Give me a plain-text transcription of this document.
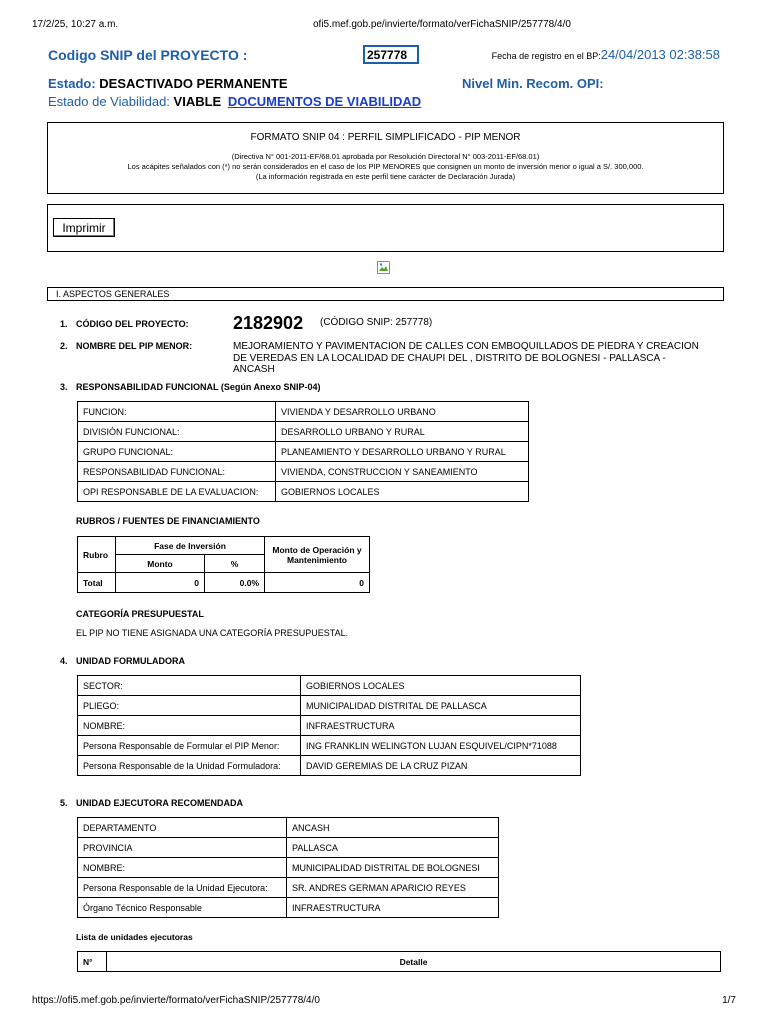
17/2/25, 10:27 a.m.	ofi5.mef.gob.pe/invierte/formato/verFichaSNIP/257778/4/0
Codigo SNIP del PROYECTO :	257778	Fecha de registro en el BP:24/04/2013 02:38:58
Estado: DESACTIVADO PERMANENTE	Nivel Min. Recom. OPI:
Estado de Viabilidad: VIABLE DOCUMENTOS DE VIABILIDAD
FORMATO SNIP 04 : PERFIL SIMPLIFICADO - PIP MENOR
(Directiva N° 001-2011-EF/68.01 aprobada por Resolución Directoral N° 003-2011-EF/68.01)
Los acápites señalados con (*) no serán considerados en el caso de los PIP MENORES que consignen un monto de inversión menor o igual a S/. 300,000.
(La información registrada en este perfil tiene carácter de Declaración Jurada)
Imprimir
I. ASPECTOS GENERALES
1. CÓDIGO DEL PROYECTO: 2182902 (CÓDIGO SNIP: 257778)
2. NOMBRE DEL PIP MENOR:	MEJORAMIENTO Y PAVIMENTACION DE CALLES CON EMBOQUILLADOS DE PIEDRA Y CREACION DE VEREDAS EN LA LOCALIDAD DE CHAUPI DEL , DISTRITO DE BOLOGNESI - PALLASCA - ANCASH
3. RESPONSABILIDAD FUNCIONAL (Según Anexo SNIP-04)
FUNCION:	VIVIENDA Y DESARROLLO URBANO
DIVISIÓN FUNCIONAL:	DESARROLLO URBANO Y RURAL
GRUPO FUNCIONAL:	PLANEAMIENTO Y DESARROLLO URBANO Y RURAL
RESPONSABILIDAD FUNCIONAL:	VIVIENDA, CONSTRUCCION Y SANEAMIENTO
OPI RESPONSABLE DE LA EVALUACION:	GOBIERNOS LOCALES
RUBROS / FUENTES DE FINANCIAMIENTO
Rubro	Fase de Inversión		Monto de Operación y Mantenimiento
	Monto	%	
Total	0	0.0%	0
CATEGORÍA PRESUPUESTAL
EL PIP NO TIENE ASIGNADA UNA CATEGORÍA PRESUPUESTAL.
4. UNIDAD FORMULADORA
SECTOR:	GOBIERNOS LOCALES
PLIEGO:	MUNICIPALIDAD DISTRITAL DE PALLASCA
NOMBRE:	INFRAESTRUCTURA
Persona Responsable de Formular el PIP Menor:	ING FRANKLIN WELINGTON LUJAN ESQUIVEL/CIPN*71088
Persona Responsable de la Unidad Formuladora:	DAVID GEREMIAS DE LA CRUZ PIZAN
5. UNIDAD EJECUTORA RECOMENDADA
DEPARTAMENTO	ANCASH
PROVINCIA	PALLASCA
NOMBRE:	MUNICIPALIDAD DISTRITAL DE BOLOGNESI
Persona Responsable de la Unidad Ejecutora:	SR. ANDRES GERMAN APARICIO REYES
Órgano Técnico Responsable	INFRAESTRUCTURA
Lista de unidades ejecutoras
N°	Detalle
https://ofi5.mef.gob.pe/invierte/formato/verFichaSNIP/257778/4/0	1/7
